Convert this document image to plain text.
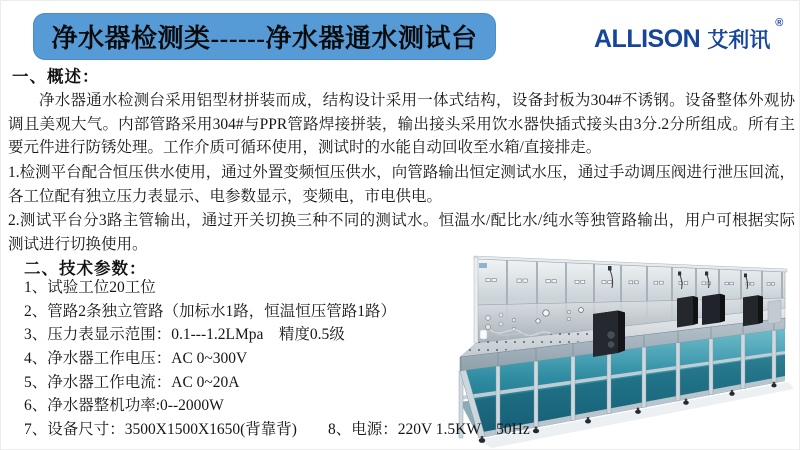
净水器检测类------净水器通水测试台	ALLISON 艾利讯
®
一、概述：

净水器通水检测台采用铝型材拼装而成，结构设计采用一体式结构，设备封板为304#不诱钢。设备整体外观协调且美观大气。内部管路采用304#与PPR管路焊接拼装，输出接头采用饮水器快插式接头由3分.2分所组成。所有主要元件进行防锈处理。工作介质可循环使用，测试时的水能自动回收至水箱/直接排走。

1.检测平台配合恒压供水使用，通过外置变频恒压供水，向管路输出恒定测试水压，通过手动调压阀进行泄压回流，各工位配有独立压力表显示、电参数显示，变频电，市电供电。

2.测试平台分3路主管输出，通过开关切换三种不同的测试水。恒温水/配比水/纯水等独管路输出，用户可根据实际测试进行切换使用。

二、技术参数：
1、试验工位20工位
2、管路2条独立管路（加标水1路，恒温恒压管路1路）
3、压力表显示范围：0.1---1.2LMpa　精度0.5级
4、净水器工作电压：AC 0~300V
5、净水器工作电流：AC 0~20A
6、净水器整机功率:0--2000W
7、设备尺寸：3500X1500X1650(背靠背)　　8、电源：220V 1.5KW　50Hz
